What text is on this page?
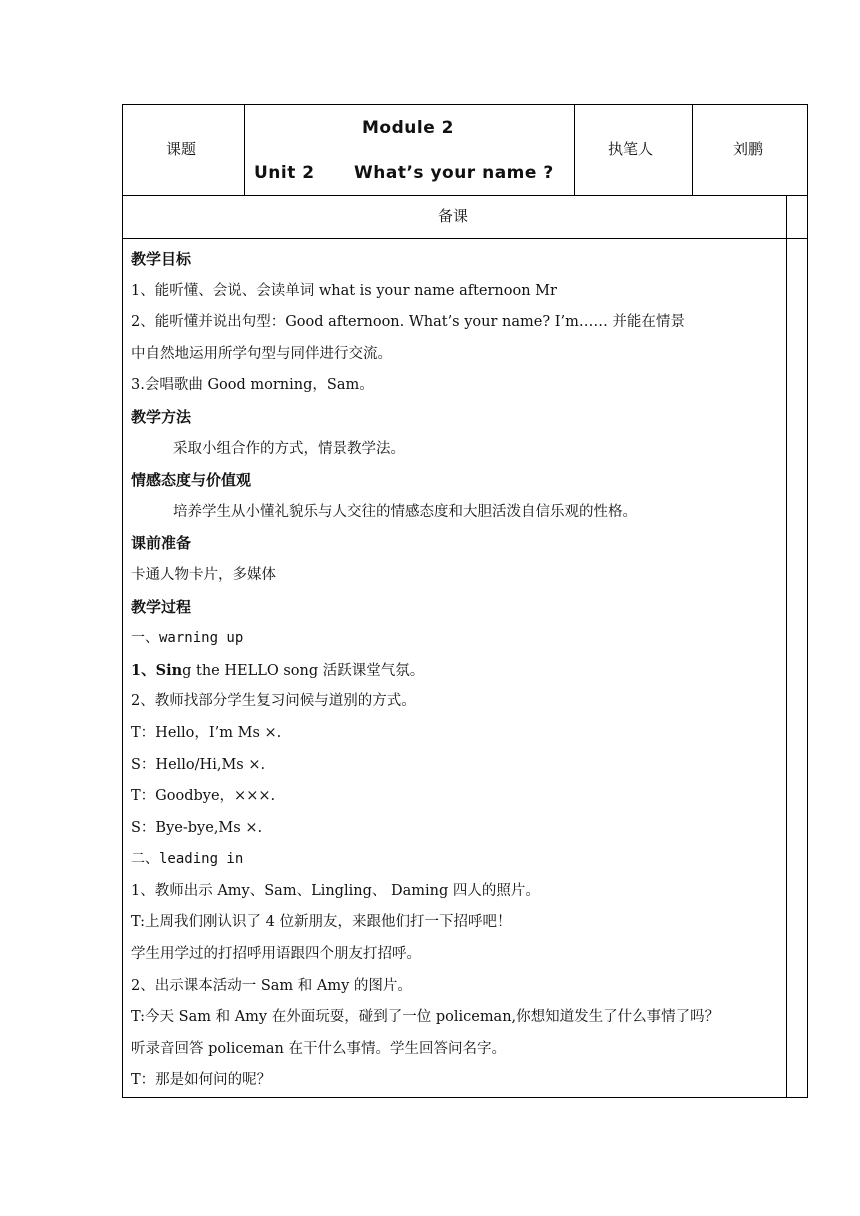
课题
Module 2
Unit 2 What’s your name ?
执笔人	刘鹏
备课
教学目标
1、能听懂、会说、会读单词 what is your name afternoon Mr
2、能听懂并说出句型：Good afternoon. What’s your name? I’m…… 并能在情景
中自然地运用所学句型与同伴进行交流。
3.会唱歌曲 Good morning，Sam。
教学方法
采取小组合作的方式，情景教学法。
情感态度与价值观
培养学生从小懂礼貌乐与人交往的情感态度和大胆活泼自信乐观的性格。
课前准备
卡通人物卡片，多媒体
教学过程
一、warning up
1、Sing the HELLO song 活跃课堂气氛。
2、教师找部分学生复习问候与道别的方式。
T：Hello，I’m Ms ×.
S：Hello/Hi,Ms ×.
T：Goodbye，×××.
S：Bye-bye,Ms ×.
二、leading in
1、教师出示 Amy、Sam、Lingling、 Daming 四人的照片。
T:上周我们刚认识了 4 位新朋友，来跟他们打一下招呼吧！
学生用学过的打招呼用语跟四个朋友打招呼。
2、出示课本活动一 Sam 和 Amy 的图片。
T:今天 Sam 和 Amy 在外面玩耍，碰到了一位 policeman,你想知道发生了什么事情了吗？
听录音回答 policeman 在干什么事情。学生回答问名字。
T：那是如何问的呢？
